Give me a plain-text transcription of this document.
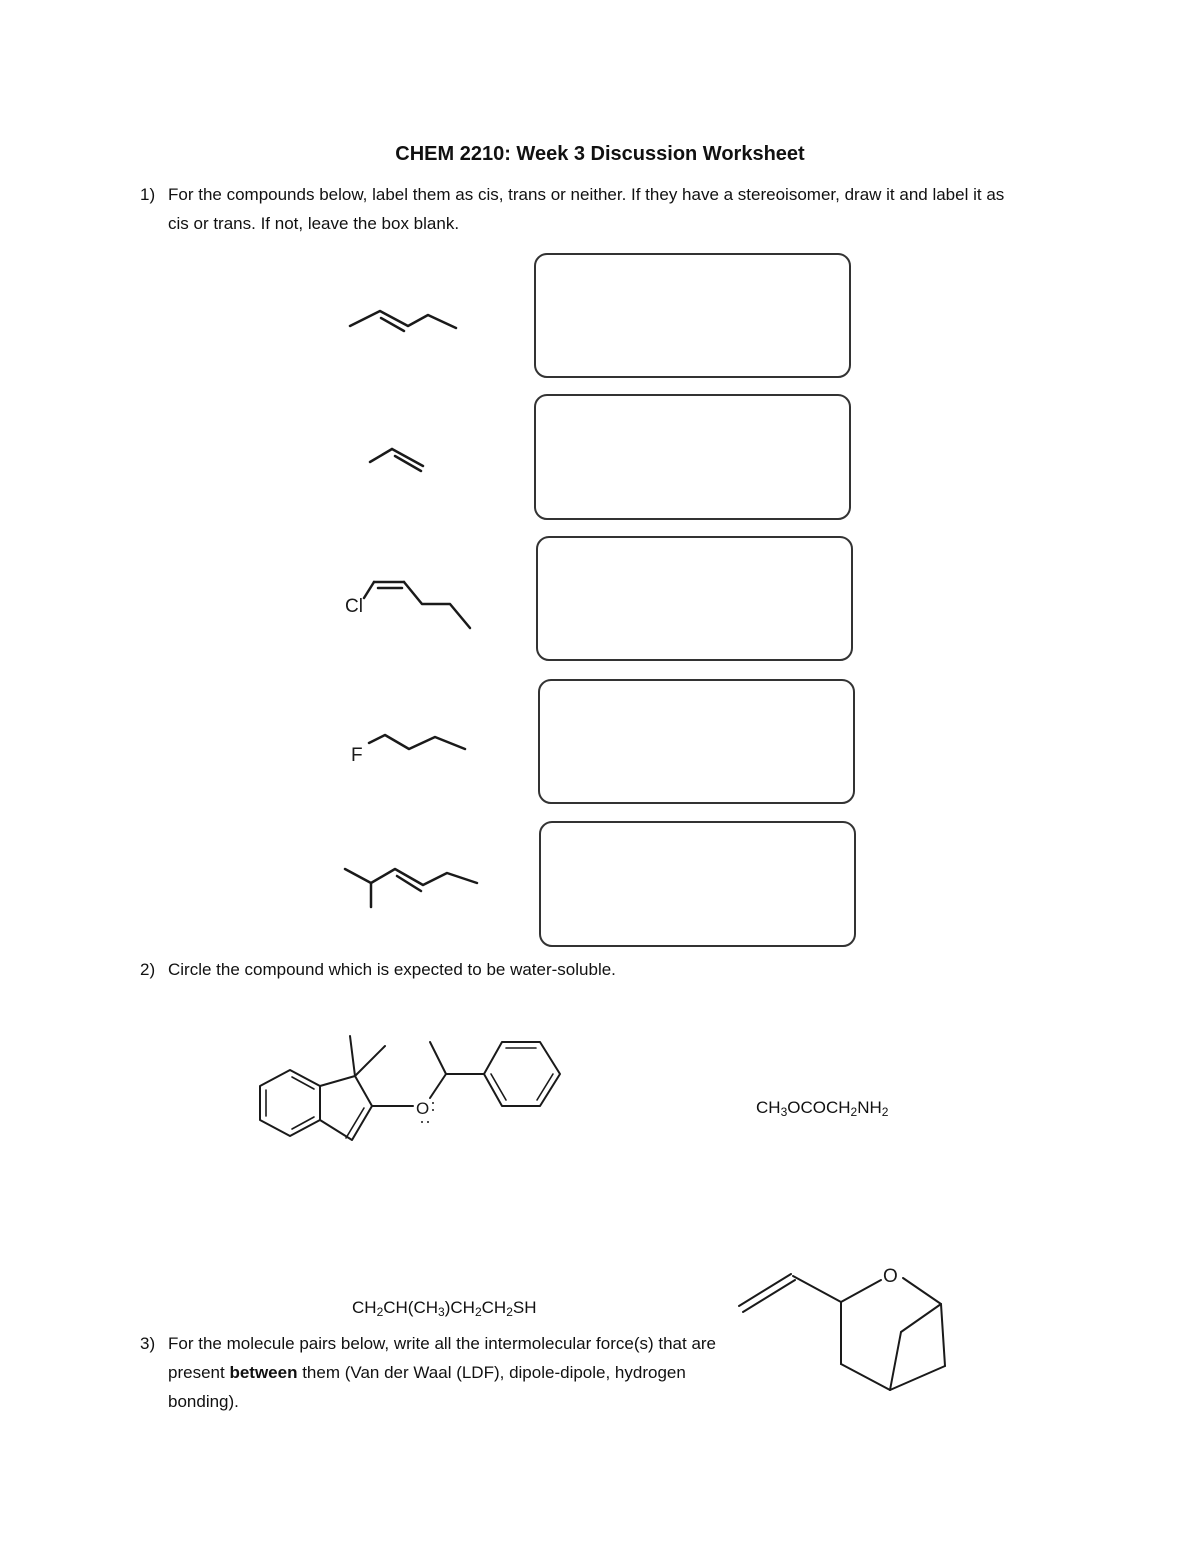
CHEM 2210: Week 3 Discussion Worksheet
1) For the compounds below, label them as cis, trans or neither. If they have a stereoisomer, draw it and label it as cis or trans. If not, leave the box blank.
Cl
F
2) Circle the compound which is expected to be water-soluble.
O	$CH_3OCOCH_2NH_2$
$CH_2CH(CH_3)CH_2CH_2SH$
O
3) For the molecule pairs below, write all the intermolecular force(s) that are present between them (Van der Waal (LDF), dipole-dipole, hydrogen bonding).
